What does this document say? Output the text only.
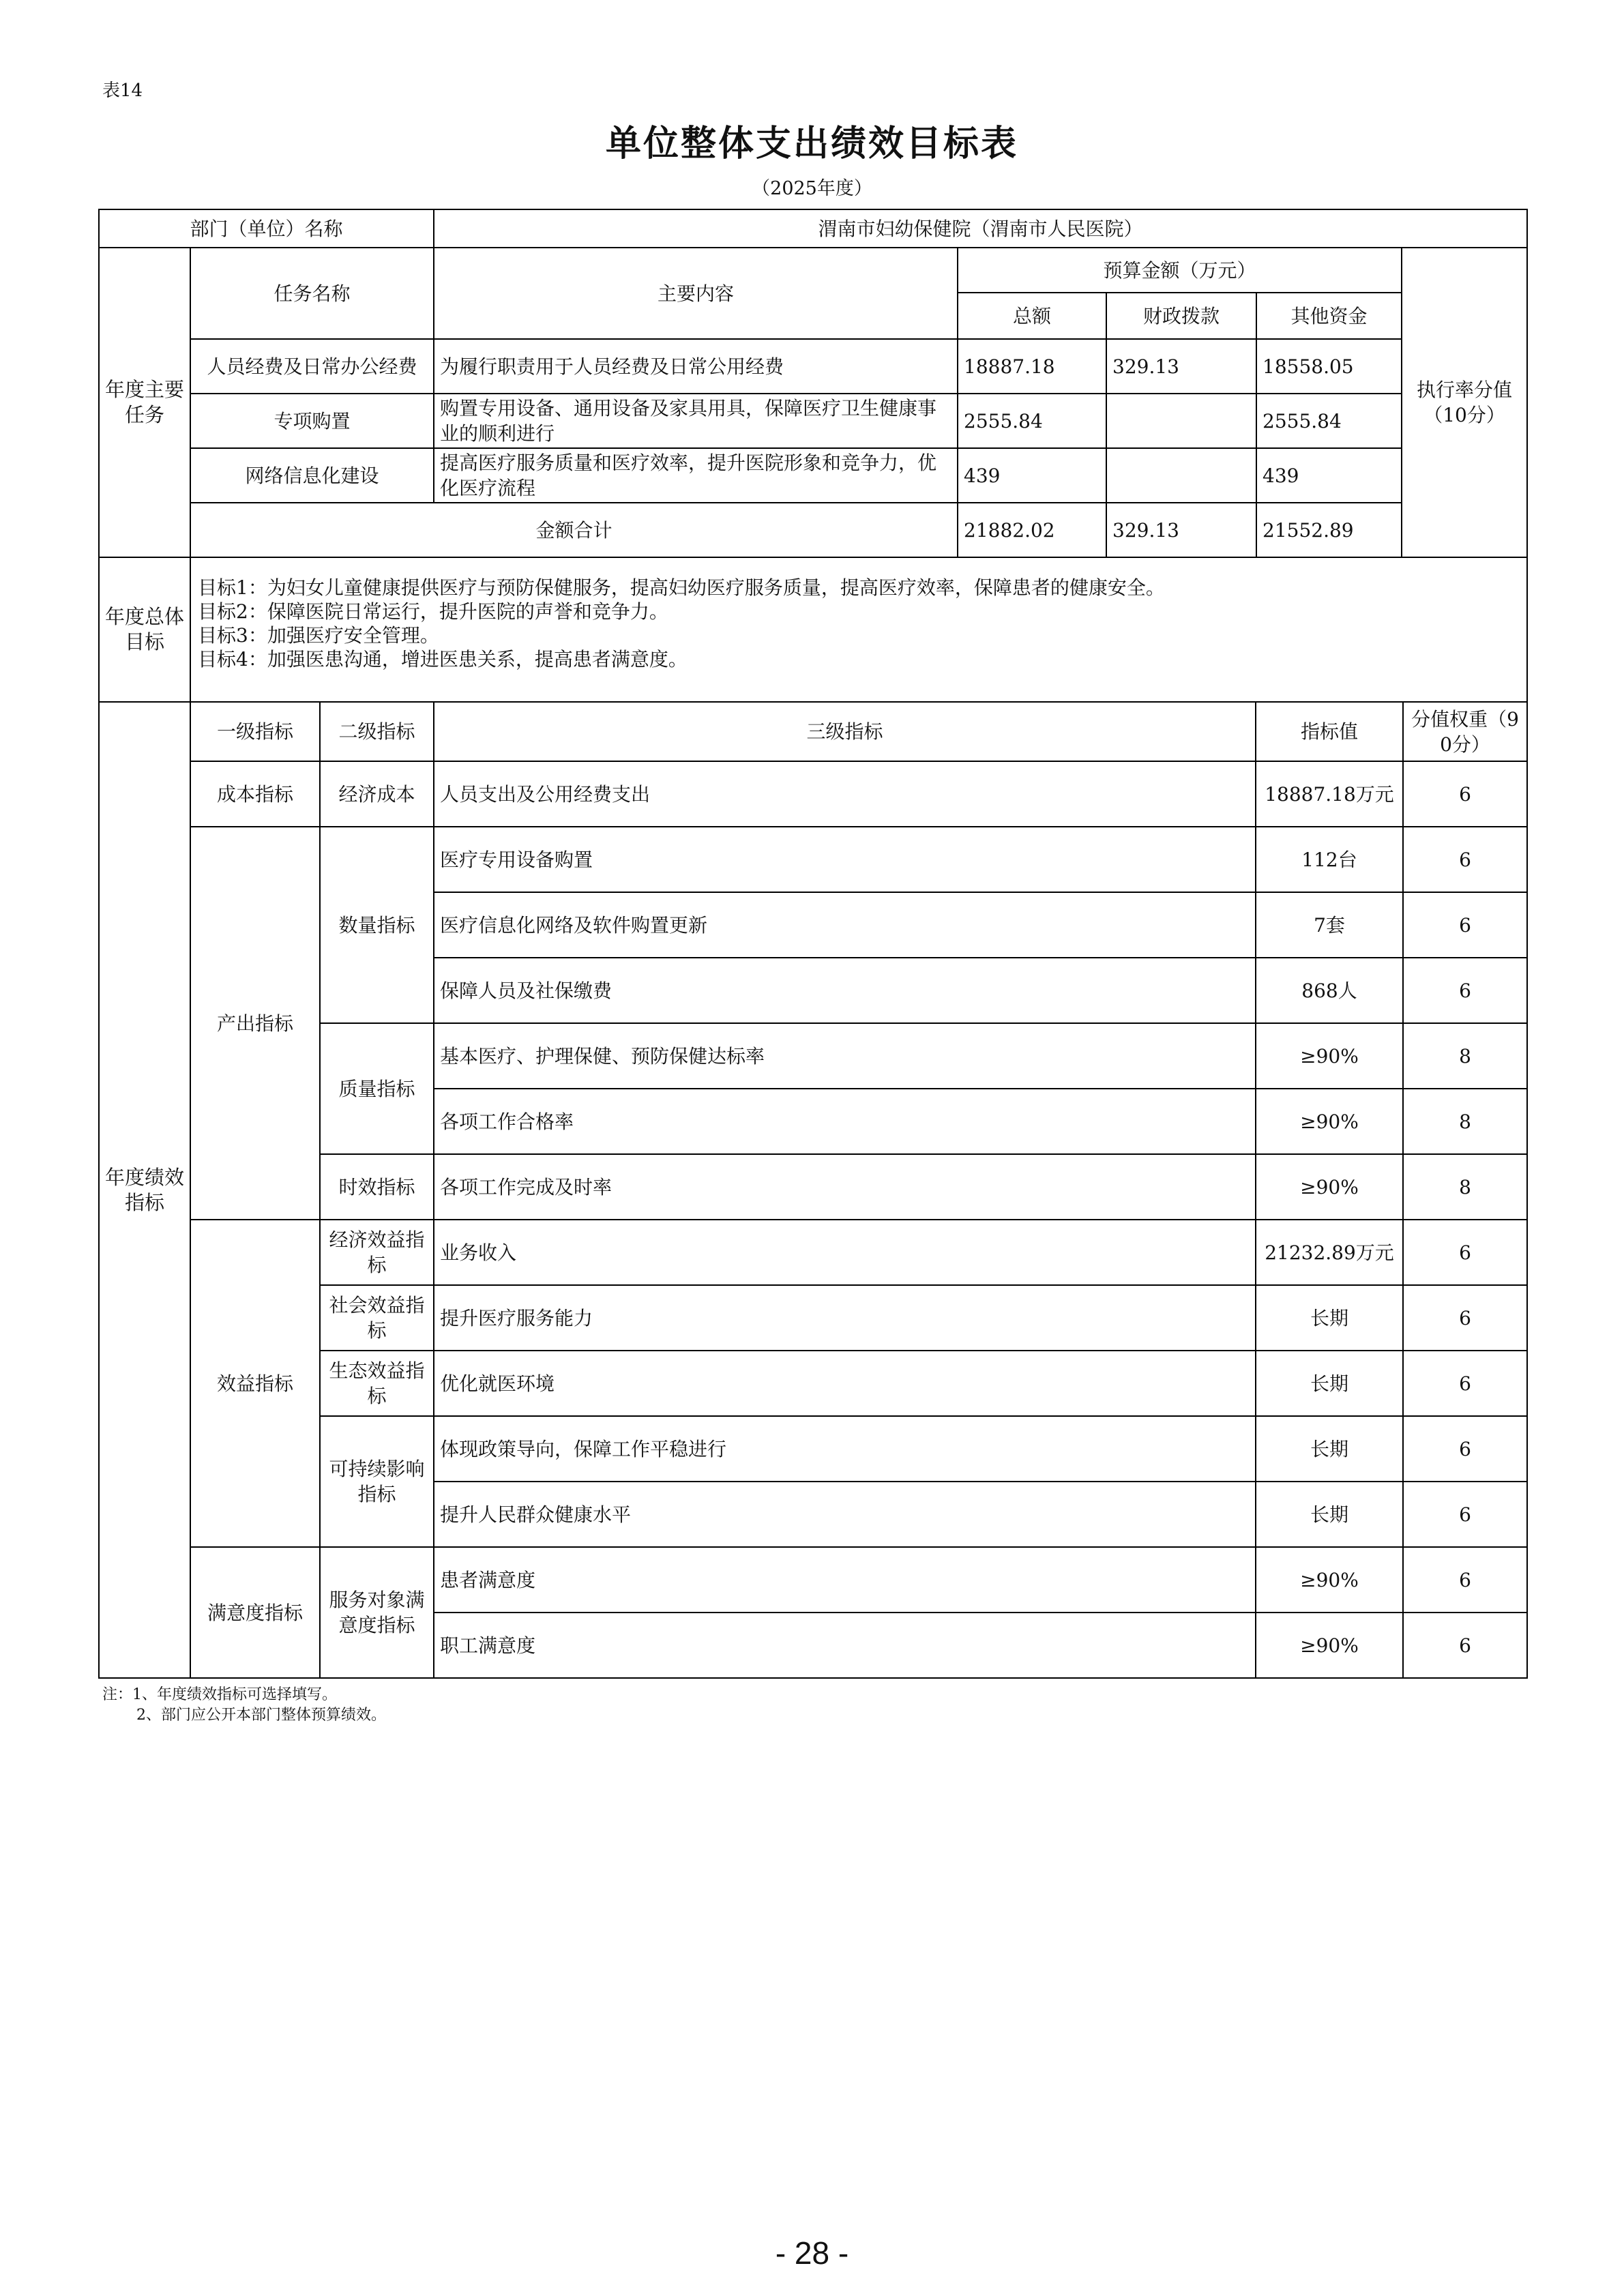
表14
单位整体支出绩效目标表
（2025年度）
部门（单位）名称		渭南市妇幼保健院（渭南市人民医院）				
年度主要任务	任务名称	主要内容	预算金额（万元）			执行率分值（10分）
			总额	财政拨款	其他资金	
	人员经费及日常办公经费	为履行职责用于人员经费及日常公用经费	18887.18	329.13	18558.05	
	专项购置	购置专用设备、通用设备及家具用具，保障医疗卫生健康事业的顺利进行	2555.84		2555.84	
	网络信息化建设	提高医疗服务质量和医疗效率，提升医院形象和竞争力，优化医疗流程	439		439	
	金额合计		21882.02	329.13	21552.89	
年度总体目标	目标1：为妇女儿童健康提供医疗与预防保健服务，提高妇幼医疗服务质量，提高医疗效率，保障患者的健康安全。
目标2：保障医院日常运行，提升医院的声誉和竞争力。
目标3：加强医疗安全管理。
目标4：加强医患沟通，增进医患关系，提高患者满意度。					
年度绩效指标	一级指标	二级指标	三级指标	指标值	分值权重（90分）
	成本指标	经济成本	人员支出及公用经费支出	18887.18万元	6
	产出指标	数量指标	医疗专用设备购置	112台	6
			医疗信息化网络及软件购置更新	7套	6
			保障人员及社保缴费	868人	6
		质量指标	基本医疗、护理保健、预防保健达标率	≥90%	8
			各项工作合格率	≥90%	8
		时效指标	各项工作完成及时率	≥90%	8
	效益指标	经济效益指标	业务收入	21232.89万元	6
		社会效益指标	提升医疗服务能力	长期	6
		生态效益指标	优化就医环境	长期	6
		可持续影响指标	体现政策导向，保障工作平稳进行	长期	6
			提升人民群众健康水平	长期	6
	满意度指标	服务对象满意度指标	患者满意度	≥90%	6
			职工满意度	≥90%	6
注：1、年度绩效指标可选择填写。
2、部门应公开本部门整体预算绩效。
- 28 -
